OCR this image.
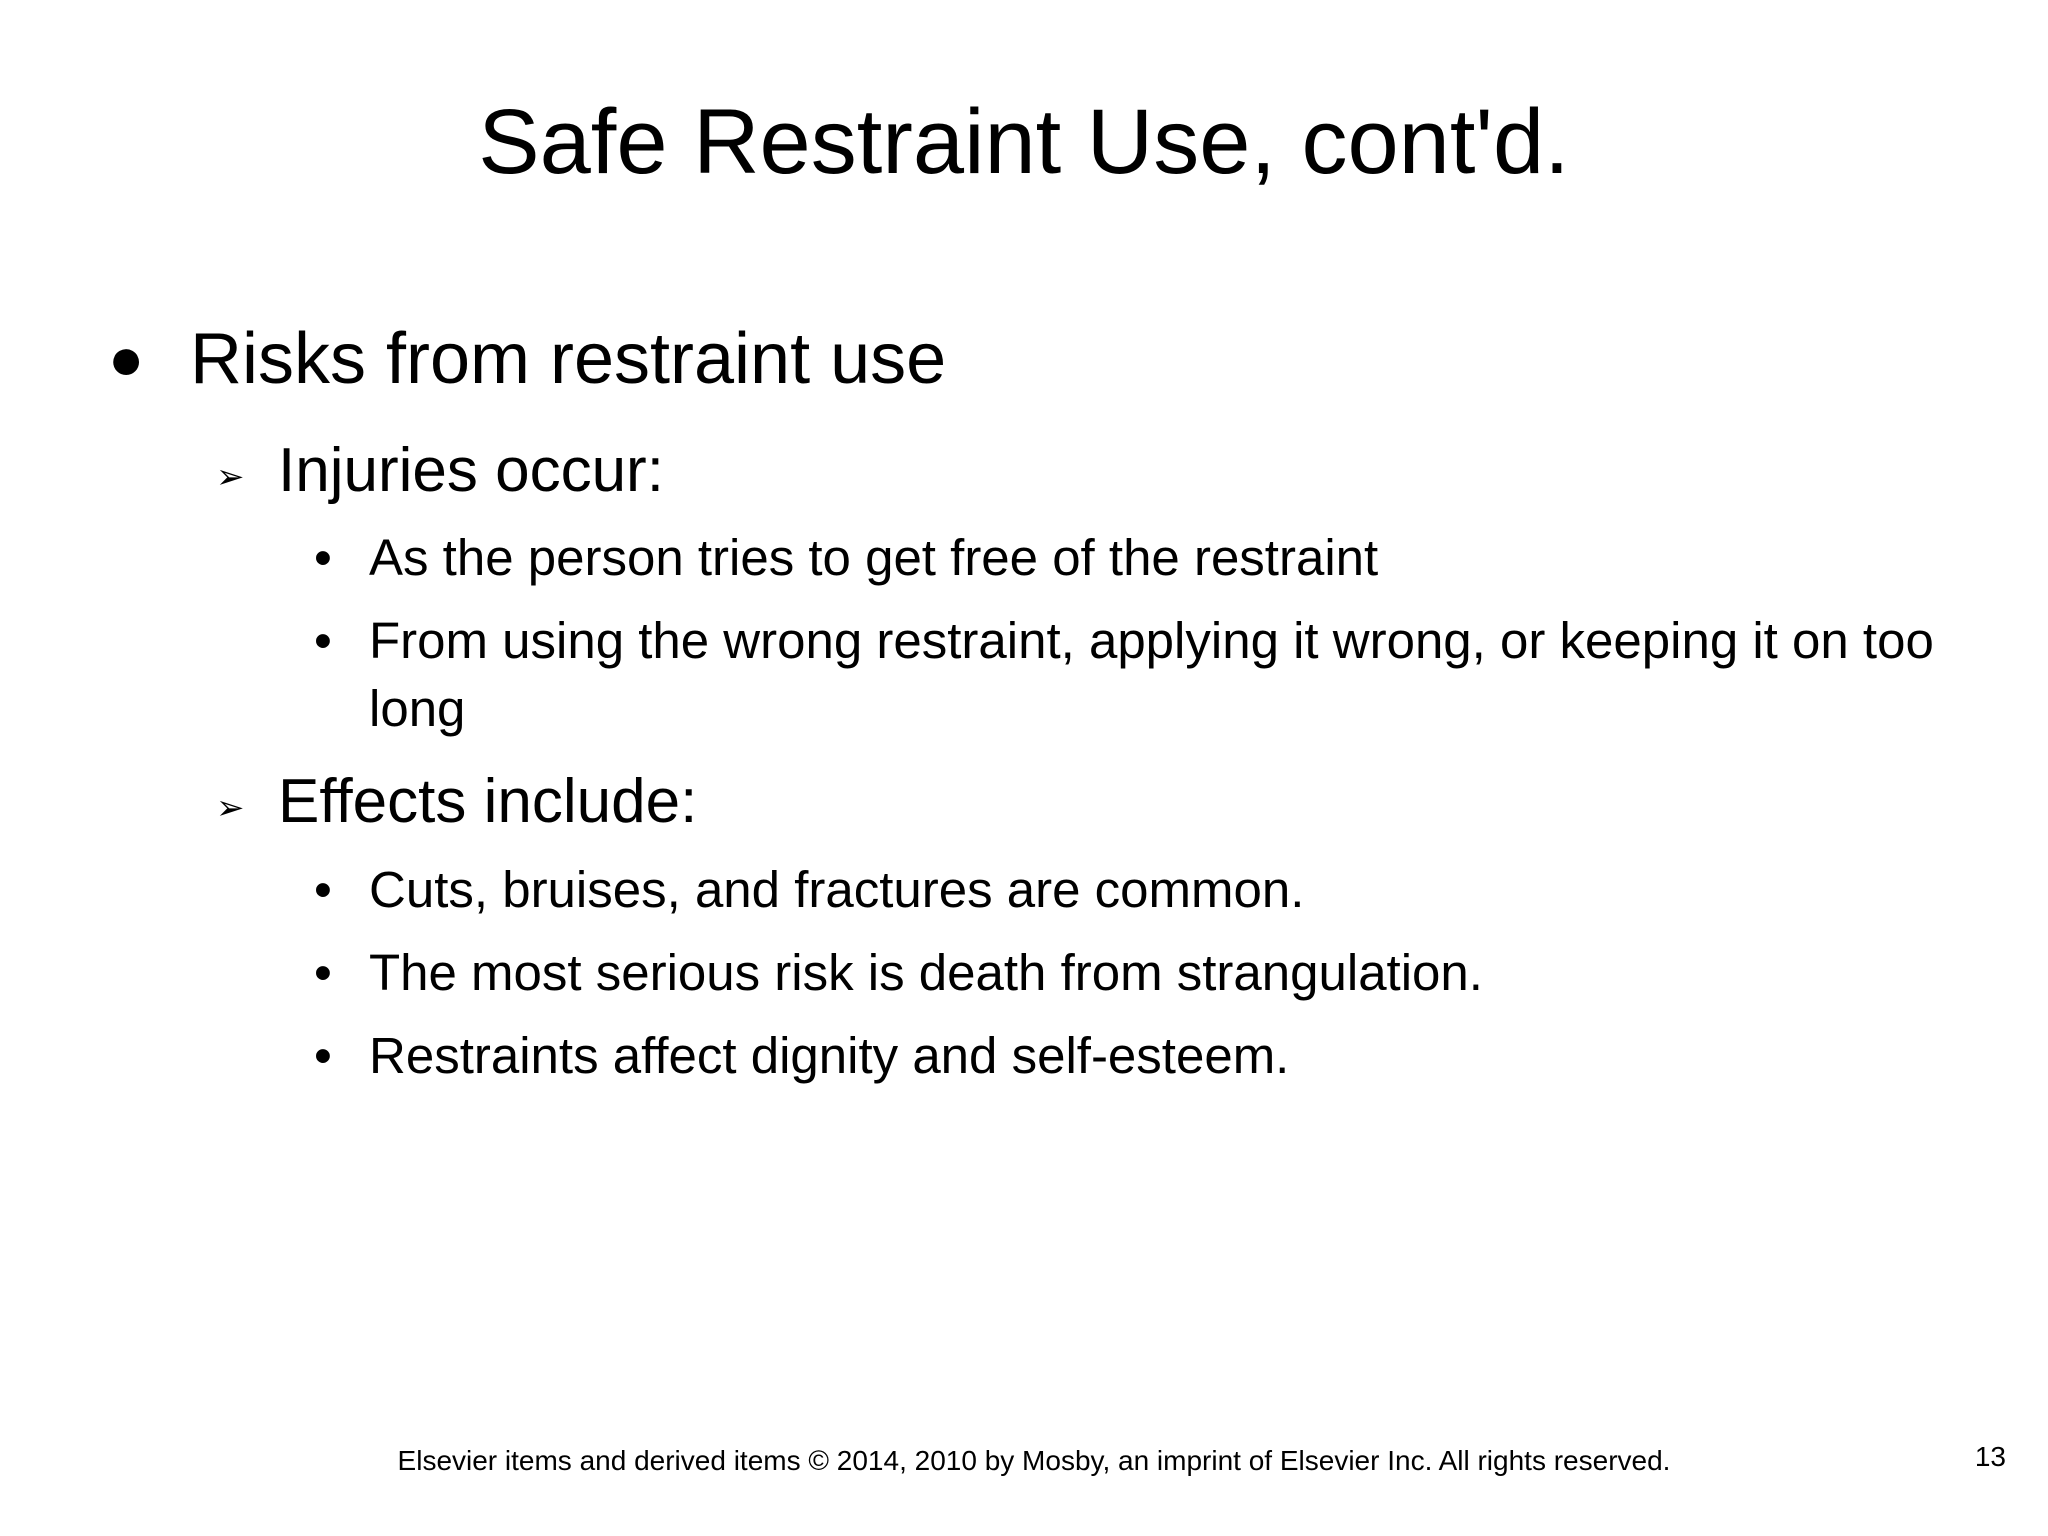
Safe Restraint Use, cont'd.
● Risks from restraint use
➢ Injuries occur:
• As the person tries to get free of the restraint
• From using the wrong restraint, applying it wrong, or keeping it on too long
➢ Effects include:
• Cuts, bruises, and fractures are common.
• The most serious risk is death from strangulation.
• Restraints affect dignity and self-esteem.
Elsevier items and derived items © 2014, 2010 by Mosby, an imprint of Elsevier Inc. All rights reserved.	13
